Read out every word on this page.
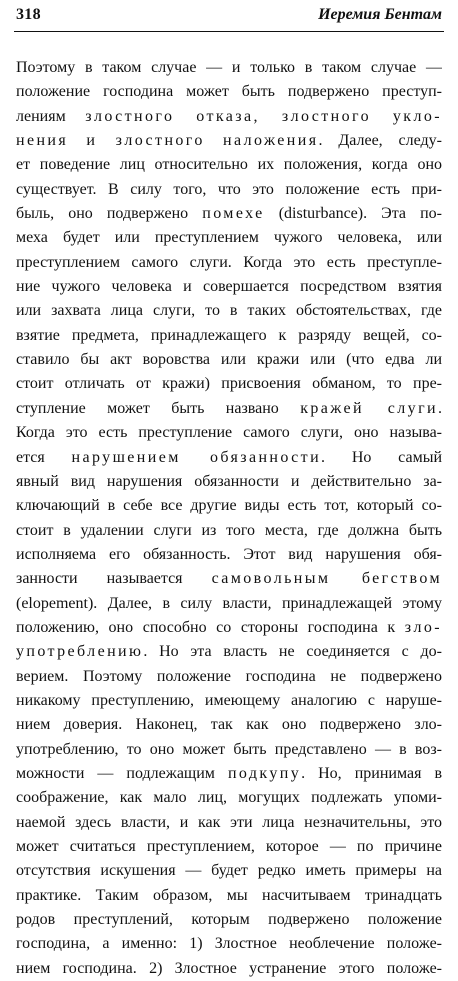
318	Иеремия Бентам
Поэтому в таком случае — и только в таком случае —
положение господина может быть подвержено преступ-
лениям злостного отказа, злостного укло-
нения и злостного наложения. Далее, следу-
ет поведение лиц относительно их положения, когда оно
существует. В силу того, что это положение есть при-
быль, оно подвержено помехе (disturbance). Эта по-
меха будет или преступлением чужого человека, или
преступлением самого слуги. Когда это есть преступле-
ние чужого человека и совершается посредством взятия
или захвата лица слуги, то в таких обстоятельствах, где
взятие предмета, принадлежащего к разряду вещей, со-
ставило бы акт воровства или кражи или (что едва ли
стоит отличать от кражи) присвоения обманом, то пре-
ступление может быть названо кражей слуги.
Когда это есть преступление самого слуги, оно называ-
ется нарушением обязанности. Но самый
явный вид нарушения обязанности и действительно за-
ключающий в себе все другие виды есть тот, который со-
стоит в удалении слуги из того места, где должна быть
исполняема его обязанность. Этот вид нарушения обя-
занности называется самовольным бегством
(elopement). Далее, в силу власти, принадлежащей этому
положению, оно способно со стороны господина к зло-
употреблению. Но эта власть не соединяется с до-
верием. Поэтому положение господина не подвержено
никакому преступлению, имеющему аналогию с наруше-
нием доверия. Наконец, так как оно подвержено зло-
употреблению, то оно может быть представлено — в воз-
можности — подлежащим подкупу. Но, принимая в
соображение, как мало лиц, могущих подлежать упоми-
наемой здесь власти, и как эти лица незначительны, это
может считаться преступлением, которое — по причине
отсутствия искушения — будет редко иметь примеры на
практике. Таким образом, мы насчитываем тринадцать
родов преступлений, которым подвержено положение
господина, а именно: 1) Злостное необлечение положе-
нием господина. 2) Злостное устранение этого положе-
